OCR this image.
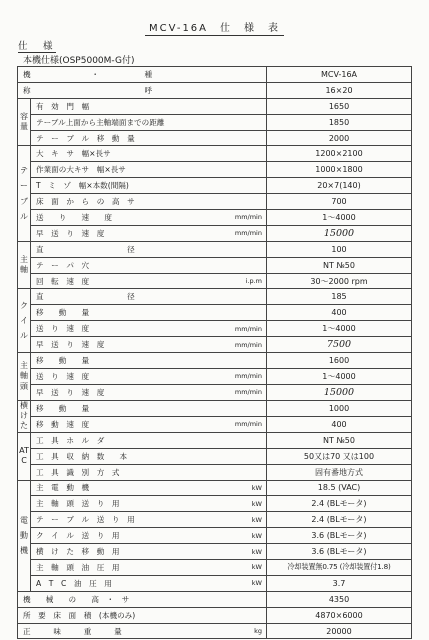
MCV-16A　仕　様　表
仕　様
本機仕様(OSP5000M-G付)
機　　　　　　　　・　　　　　　種		MCV-16A

称　　　　　　　　　　　　　　　呼		16×20
容量	有　効　門　幅	1650

	テーブル上面から主軸端面までの距離	1850

	テ　ー　ブ　ル　移　動　量	2000
テーブル	大　キ　サ　幅×長サ	1200×2100

	作業面の大キサ　幅×長サ	1000×1800

	T　ミ　ゾ　幅×本数(間隔)	20×7(140)

	床　面　か　ら　の　高　サ	700

	送　　り　　速　　度 mm/min	1～4000

	早　送　り　速　度 mm/min	15000
主軸	直　　　　　　　　　　　径	100

	テ　ー　パ　穴	NT №50

	回　転　速　度 i.p.m	30～2000 rpm
クイル	直　　　　　　　　　　　径	185

	移　　動　　量	400

	送　り　速　度 mm/min	1～4000

	早　送　り　速　度 mm/min	7500
主軸頭	移　　動　　量	1600

	送　り　速　度 mm/min	1～4000

	早　送　り　速　度 mm/min	15000
横けた	移　　動　　量	1000

	移　動　速　度 mm/min	400
ATC	工　具　ホ　ル　ダ	NT №50

	工　具　収　納　数　　本	50又は70 又は100

	工　具　識　別　方　式	固有番地方式
電動機	主　電　動　機 kW	18.5 (VAC)

	主　軸　頭　送　り　用 kW	2.4 (BLモータ)

	テ　ー　ブ　ル　送　り　用 kW	2.4 (BLモータ)

	ク　イ　ル　送　り　用 kW	3.6 (BLモータ)

	横　け　た　移　動　用 kW	3.6 (BLモータ)

	主　軸　頭　油　圧　用 kW	冷却装置無0.75 (冷却装置付1.8)

	A　T　C　油　圧　用 kW	3.7

機　　械　　の　　高　・　サ		4350

所　要　床　面　積　(本機のみ)		4870×6000

正　　　味　　　重　　　量 kg		20000
